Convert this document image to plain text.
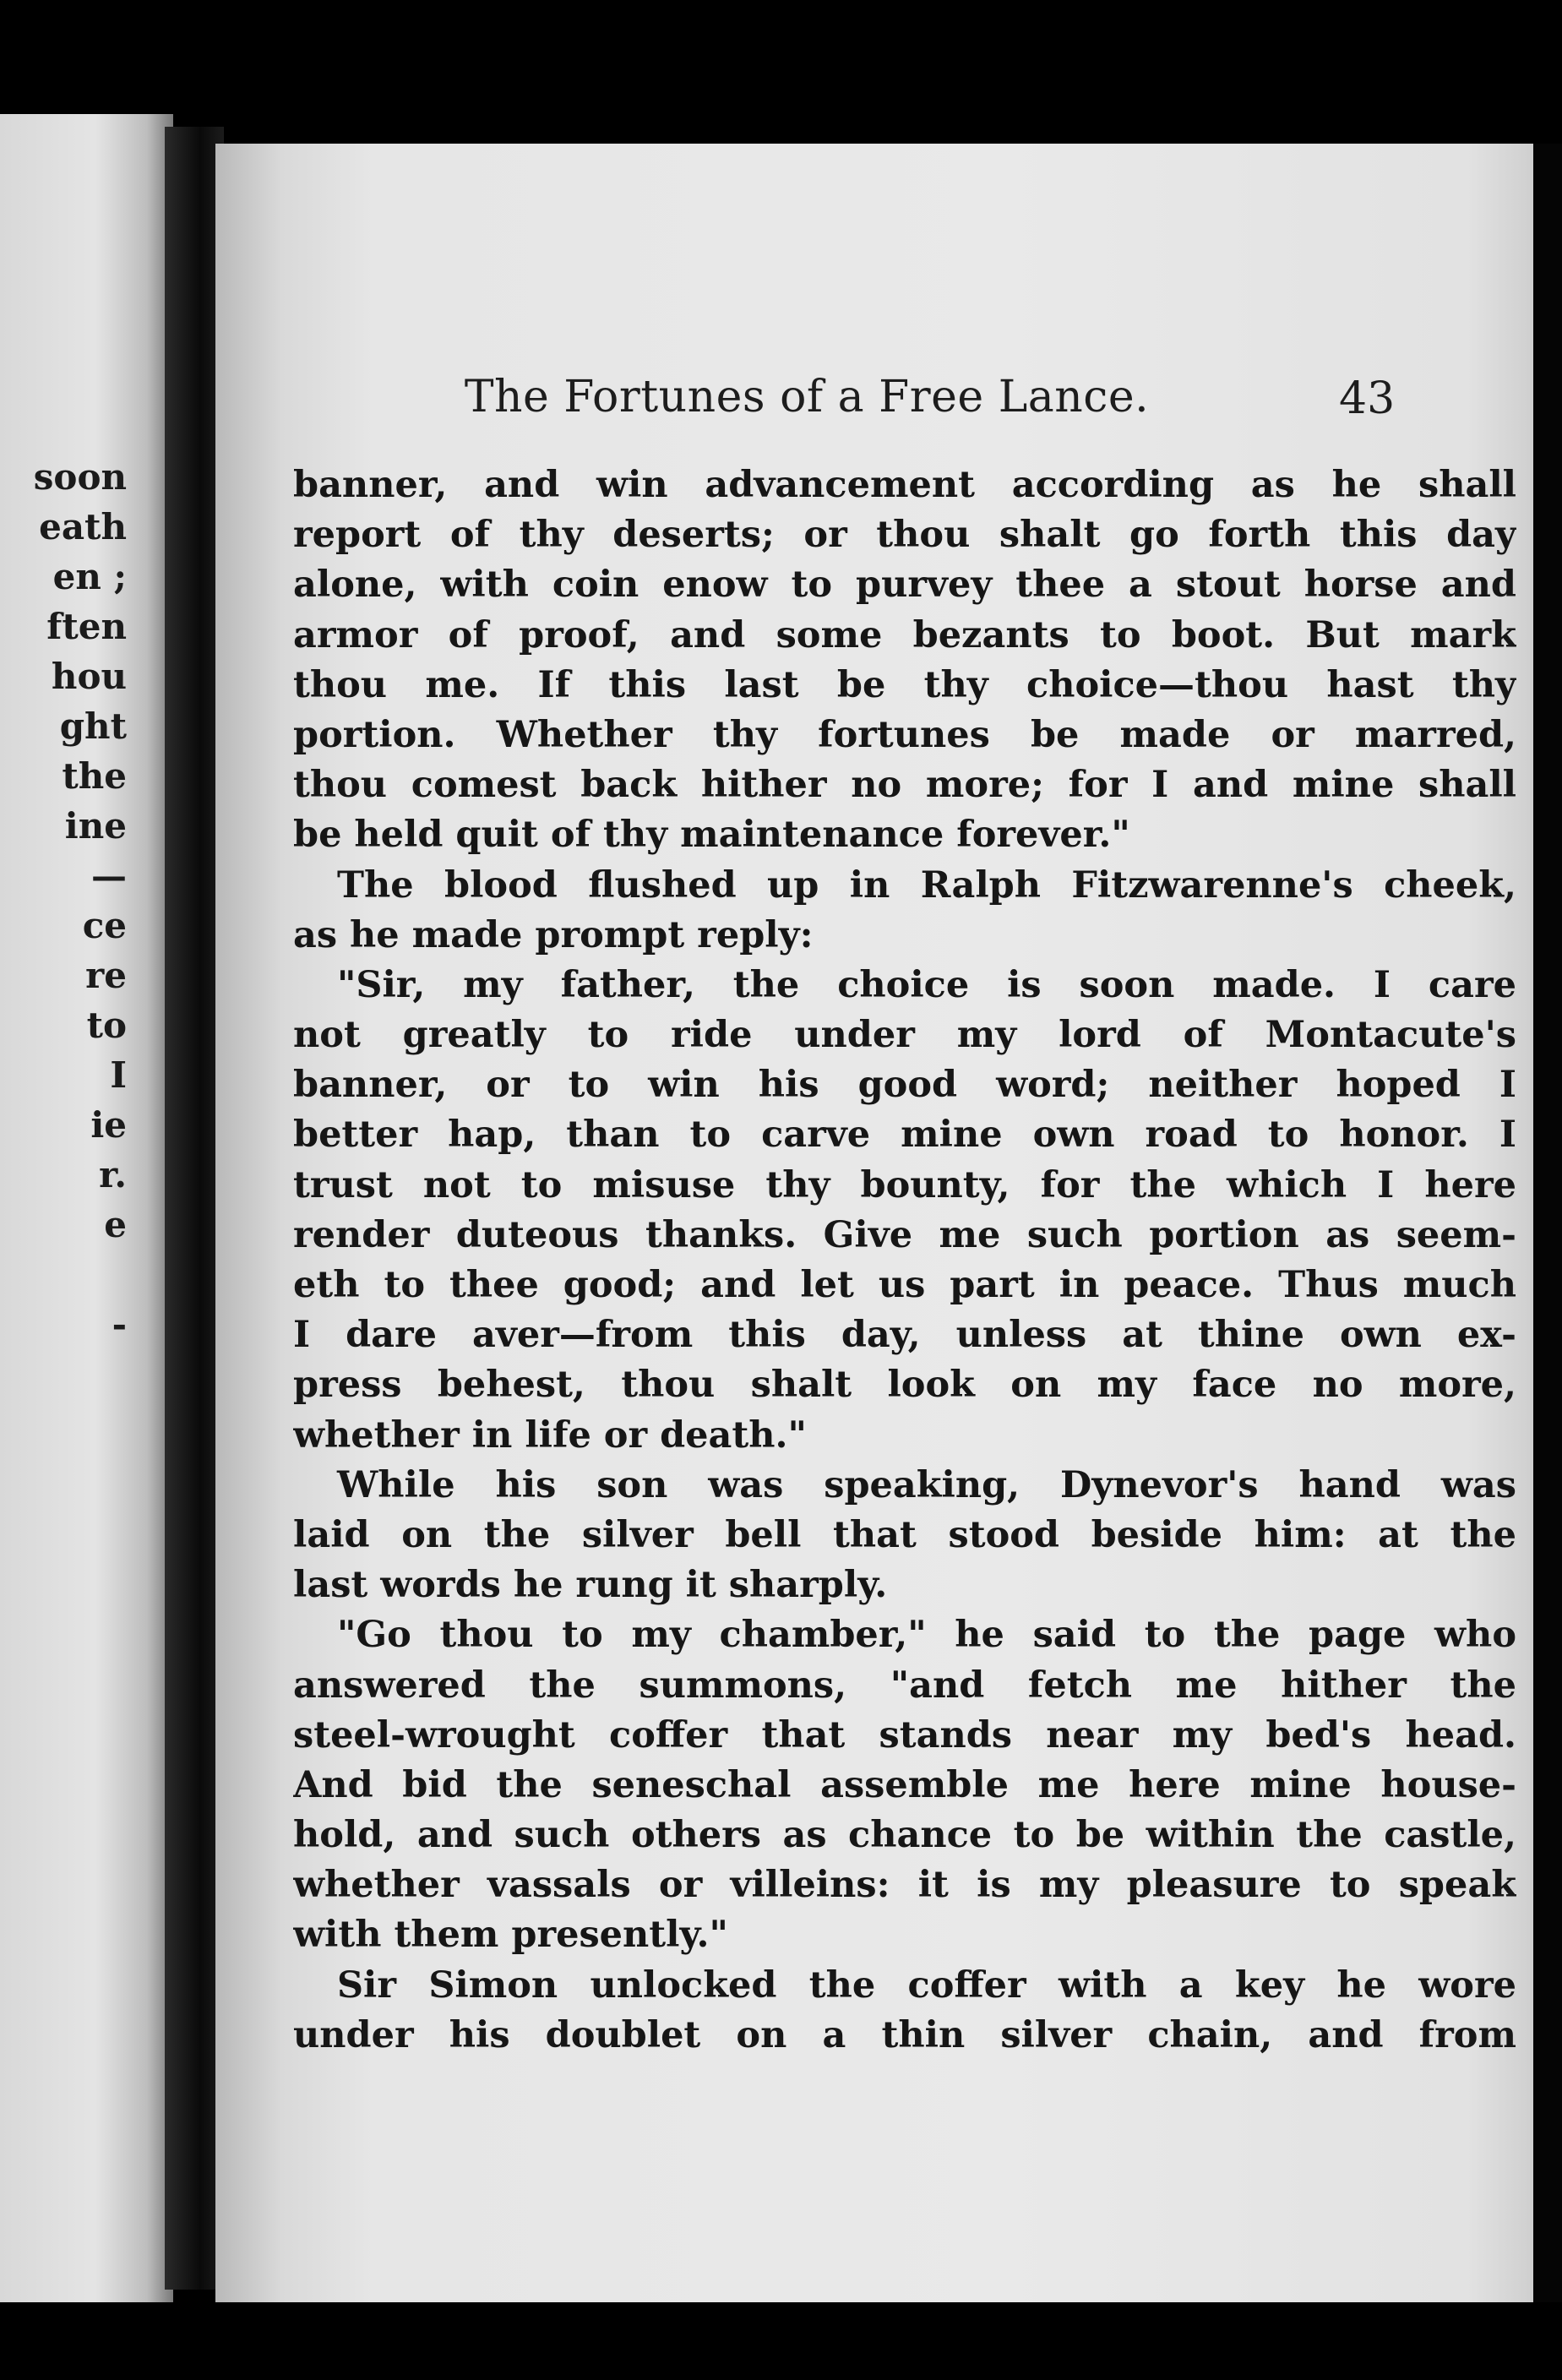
soon
eath
en ;
ften
hou
ght
the
ine
—
ce
re
to
I
ie
r.
e
-
The Fortunes of a Free Lance.	43
banner, and win advancement according as he shall
report of thy deserts; or thou shalt go forth this day
alone, with coin enow to purvey thee a stout horse and
armor of proof, and some bezants to boot. But mark
thou me. If this last be thy choice—thou hast thy
portion. Whether thy fortunes be made or marred,
thou comest back hither no more; for I and mine shall
be held quit of thy maintenance forever."
The blood flushed up in Ralph Fitzwarenne's cheek,
as he made prompt reply:
"Sir, my father, the choice is soon made. I care
not greatly to ride under my lord of Montacute's
banner, or to win his good word; neither hoped I
better hap, than to carve mine own road to honor. I
trust not to misuse thy bounty, for the which I here
render duteous thanks. Give me such portion as seem-
eth to thee good; and let us part in peace. Thus much
I dare aver—from this day, unless at thine own ex-
press behest, thou shalt look on my face no more,
whether in life or death."
While his son was speaking, Dynevor's hand was
laid on the silver bell that stood beside him: at the
last words he rung it sharply.
"Go thou to my chamber," he said to the page who
answered the summons, "and fetch me hither the
steel-wrought coffer that stands near my bed's head.
And bid the seneschal assemble me here mine house-
hold, and such others as chance to be within the castle,
whether vassals or villeins: it is my pleasure to speak
with them presently."
Sir Simon unlocked the coffer with a key he wore
under his doublet on a thin silver chain, and from
